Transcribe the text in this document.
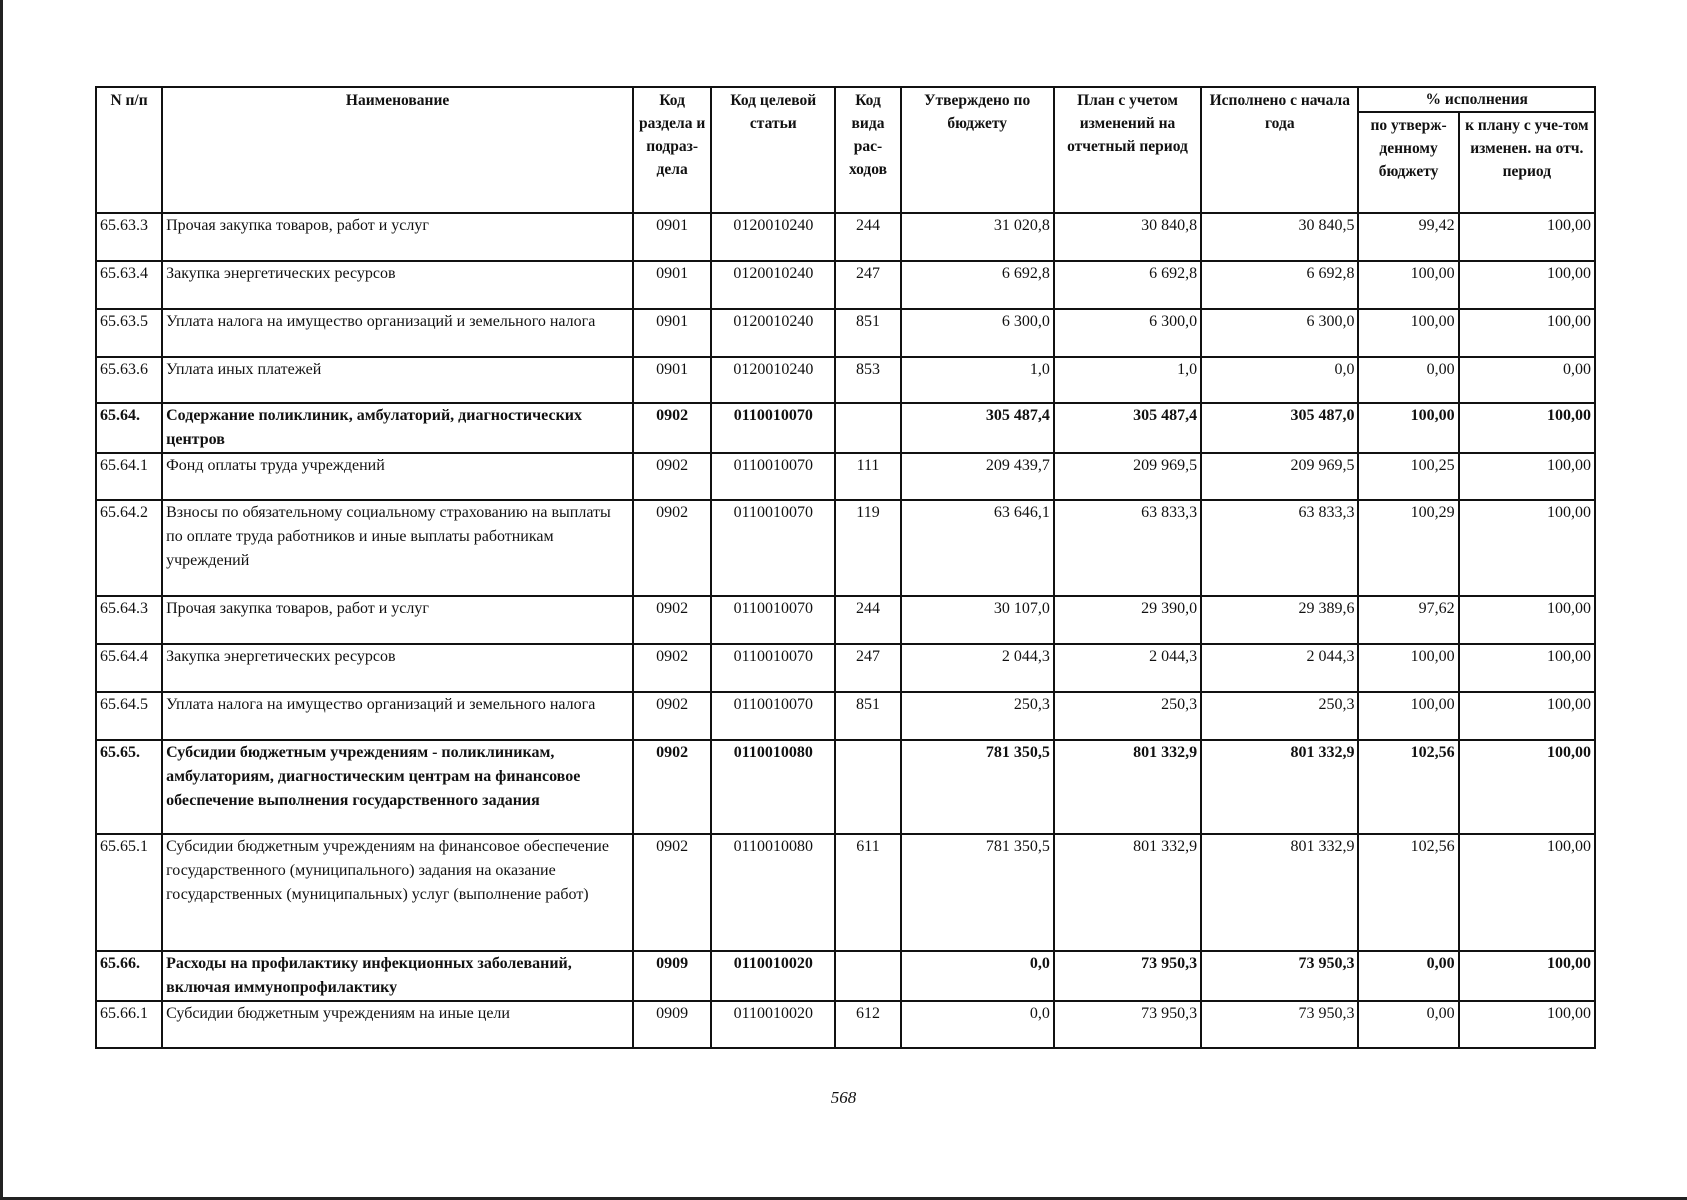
N п/п	Наименование	Код раздела и подраз-дела	Код целевой статьи	Код вида рас-ходов	Утверждено по бюджету	План с учетом изменений на отчетный период	Исполнено с начала года	% исполнения	
								по утверж-денному бюджету	к плану с уче-том изменен. на отч. период
65.63.3	Прочая закупка товаров, работ и услуг	0901	0120010240	244	31 020,8	30 840,8	30 840,5	99,42	100,00
65.63.4	Закупка энергетических ресурсов	0901	0120010240	247	6 692,8	6 692,8	6 692,8	100,00	100,00
65.63.5	Уплата налога на имущество организаций и земельного налога	0901	0120010240	851	6 300,0	6 300,0	6 300,0	100,00	100,00
65.63.6	Уплата иных платежей	0901	0120010240	853	1,0	1,0	0,0	0,00	0,00
65.64.	Содержание поликлиник, амбулаторий, диагностических центров	0902	0110010070		305 487,4	305 487,4	305 487,0	100,00	100,00
65.64.1	Фонд оплаты труда учреждений	0902	0110010070	111	209 439,7	209 969,5	209 969,5	100,25	100,00
65.64.2	Взносы по обязательному социальному страхованию на выплаты по оплате труда работников и иные выплаты работникам учреждений	0902	0110010070	119	63 646,1	63 833,3	63 833,3	100,29	100,00
65.64.3	Прочая закупка товаров, работ и услуг	0902	0110010070	244	30 107,0	29 390,0	29 389,6	97,62	100,00
65.64.4	Закупка энергетических ресурсов	0902	0110010070	247	2 044,3	2 044,3	2 044,3	100,00	100,00
65.64.5	Уплата налога на имущество организаций и земельного налога	0902	0110010070	851	250,3	250,3	250,3	100,00	100,00
65.65.	Субсидии бюджетным учреждениям - поликлиникам, амбулаториям, диагностическим центрам на финансовое обеспечение выполнения государственного задания	0902	0110010080		781 350,5	801 332,9	801 332,9	102,56	100,00
65.65.1	Субсидии бюджетным учреждениям на финансовое обеспечение государственного (муниципального) задания на оказание государственных (муниципальных) услуг (выполнение работ)	0902	0110010080	611	781 350,5	801 332,9	801 332,9	102,56	100,00
65.66.	Расходы на профилактику инфекционных заболеваний, включая иммунопрофилактику	0909	0110010020		0,0	73 950,3	73 950,3	0,00	100,00
65.66.1	Субсидии бюджетным учреждениям на иные цели	0909	0110010020	612	0,0	73 950,3	73 950,3	0,00	100,00
568
